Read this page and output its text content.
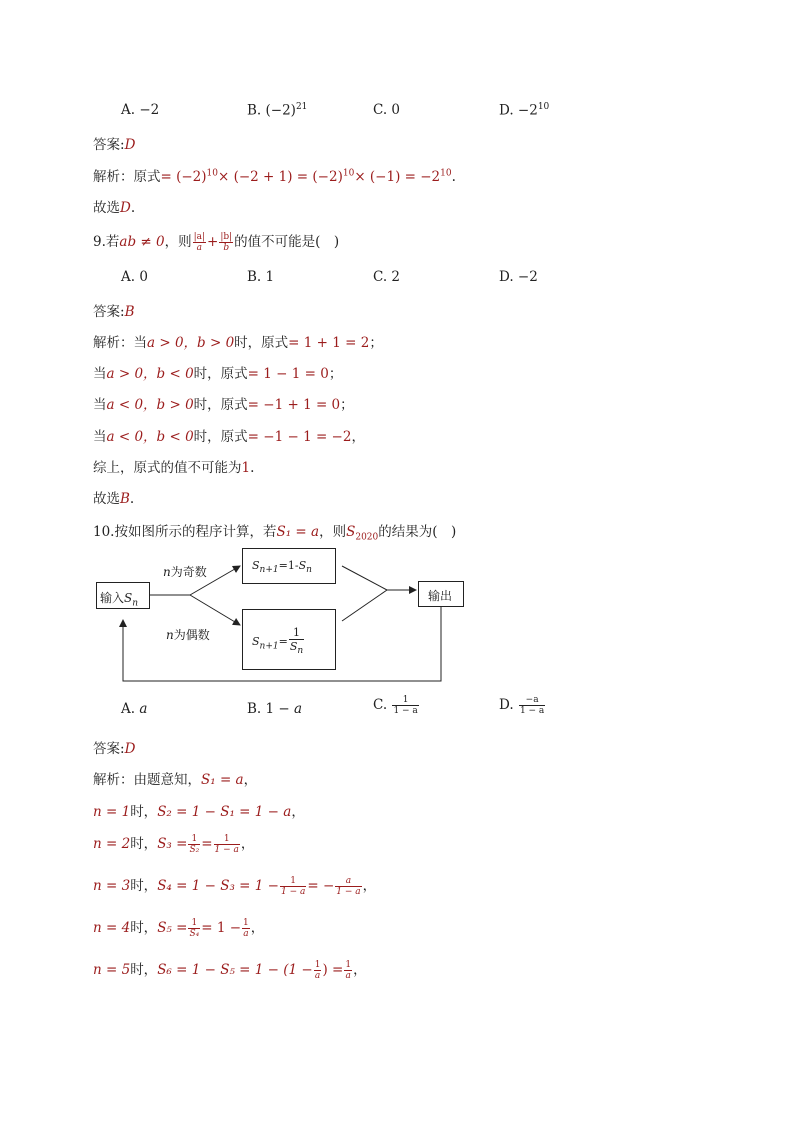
A. −2	B. $(-2)^{21}$	C. 0	D. $-2^{10}$
答案:D
解析：原式= $(-2)^{10}\times (-2 + 1) = (-2)^{10}\times (-1) = -2^{10}$.
故选D.
9.若ab ≠ 0，则 $\frac{|a|}{a} + \frac{|b|}{b}$ 的值不可能是(　)
A. 0	B. 1	C. 2	D. −2
答案:B
解析：当a > 0，b > 0时，原式= 1 + 1 = 2；
当a > 0，b < 0时，原式= 1 − 1 = 0；
当a < 0，b > 0时，原式= −1 + 1 = 0；
当a < 0，b < 0时，原式= −1 − 1 = −2，
综上，原式的值不可能为1.
故选B.
10.按如图所示的程序计算，若S₁ = a，则$S_{2020}$的结果为(　)
输入$S_n$
n为奇数
n为偶数
$S_{n+1}=1-S_n$
$S_{n+1}= \frac{1}{S_n}$
输出
A. a	B. 1 − a	C. $\frac{1}{1 - a}$	D. $\frac{-a}{1 - a}$
答案:D
解析：由题意知，S₁ = a，
n = 1时，S₂ = 1 − S₁ = 1 − a，
n = 2时，$S_3 = \frac{1}{\text{S₂}} = \frac{1}{1 - a}$ ，
n = 3时，$S_4 = 1 - S_3 = 1 - \frac{1}{1 - a}$ = − $\frac{a}{1 - a}$ ，
n = 4时，$S_5 = \frac{1}{\text{S₄}} = 1 - \frac{1}{a}$ ，
n = 5时，$S_6 = 1 - S_5 = 1 - (1 - \frac{1}{a}$ ) = $\frac{1}{a}$ ，
